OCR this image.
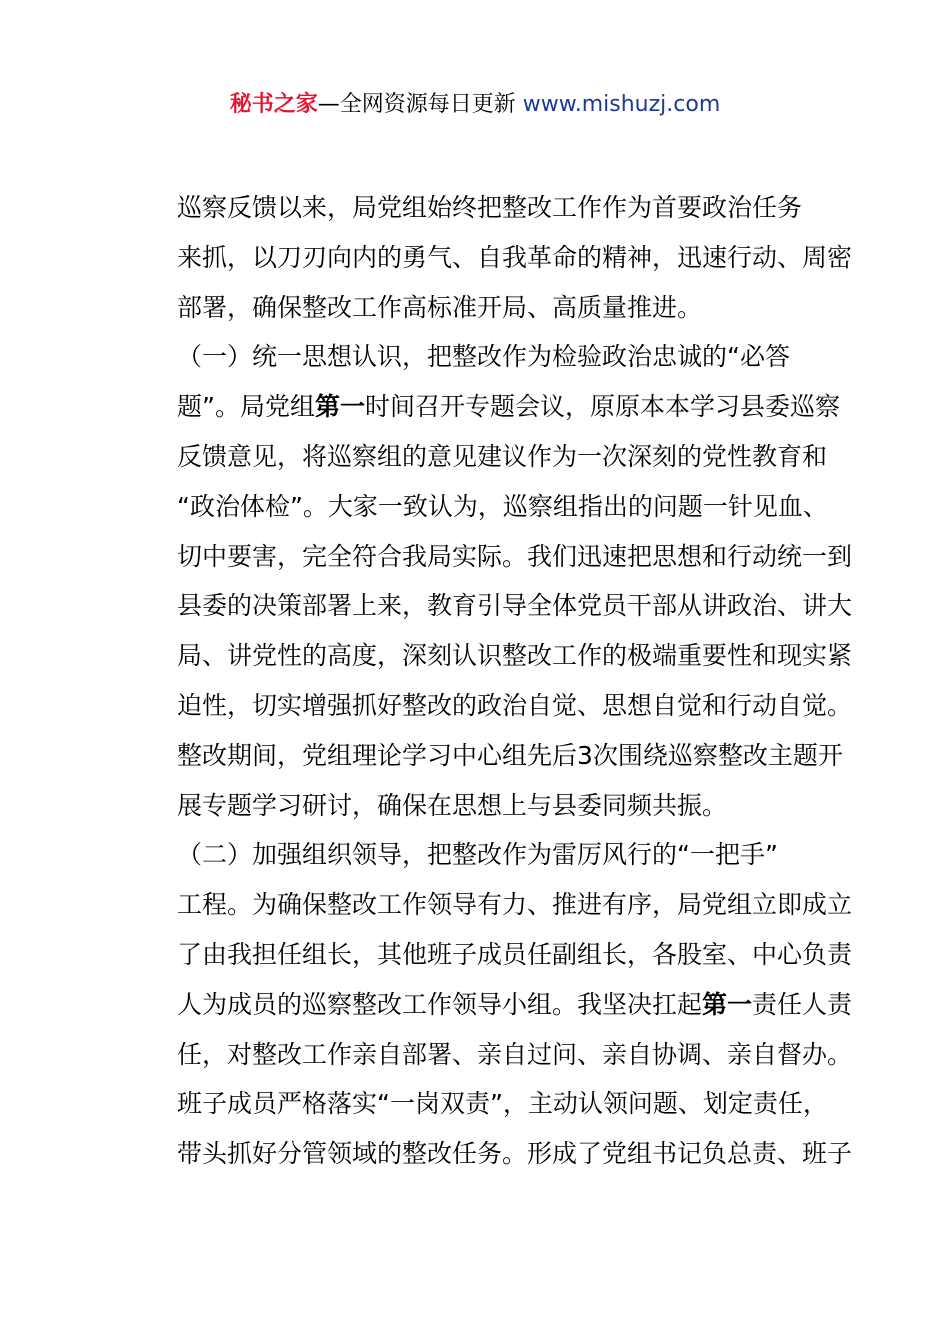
秘书之家—全网资源每日更新 www.mishuzj.com

巡察反馈以来，局党组始终把整改工作作为首要政治任务
来抓，以刀刃向内的勇气、自我革命的精神，迅速行动、周密
部署，确保整改工作高标准开局、高质量推进。

（一）统一思想认识，把整改作为检验政治忠诚的“必答
题”。局党组第一时间召开专题会议，原原本本学习县委巡察
反馈意见，将巡察组的意见建议作为一次深刻的党性教育和
“政治体检”。大家一致认为，巡察组指出的问题一针见血、
切中要害，完全符合我局实际。我们迅速把思想和行动统一到
县委的决策部署上来，教育引导全体党员干部从讲政治、讲大
局、讲党性的高度，深刻认识整改工作的极端重要性和现实紧
迫性，切实增强抓好整改的政治自觉、思想自觉和行动自觉。
整改期间，党组理论学习中心组先后3次围绕巡察整改主题开
展专题学习研讨，确保在思想上与县委同频共振。

（二）加强组织领导，把整改作为雷厉风行的“一把手”
工程。为确保整改工作领导有力、推进有序，局党组立即成立
了由我担任组长，其他班子成员任副组长，各股室、中心负责
人为成员的巡察整改工作领导小组。我坚决扛起第一责任人责
任，对整改工作亲自部署、亲自过问、亲自协调、亲自督办。
班子成员严格落实“一岗双责”，主动认领问题、划定责任，
带头抓好分管领域的整改任务。形成了党组书记负总责、班子
